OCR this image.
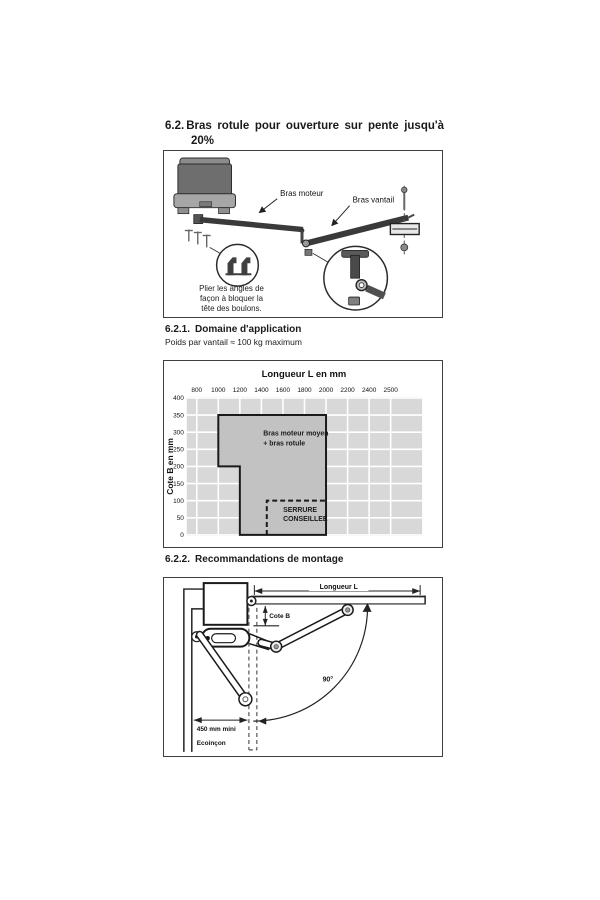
6.2. Bras rotule pour ouverture sur pente jusqu'à
20%
Bras moteur
Bras vantail
Plier les angles de
façon à bloquer la
tête des boulons.
6.2.1. Domaine d'application
Poids par vantail ≈ 100 kg maximum
800 1000 1200 1400 1600 1800 2000 2200 2400 2500
400
350
300
250
200
150
100
50
0
Longueur L en mm
Cote B en mm
Bras moteur moyen
+ bras rotule
SERRURE
CONSEILLEE
6.2.2. Recommandations de montage
Longueur L
Cote B
90°
450 mm mini
Ecoinçon
